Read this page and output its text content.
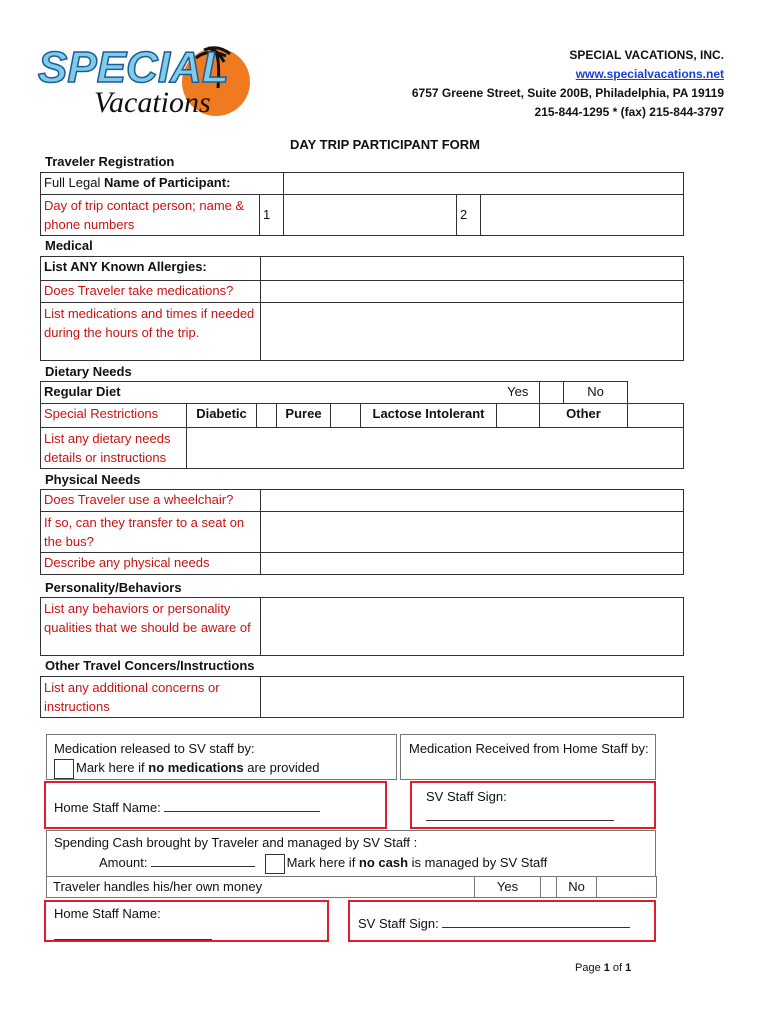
SPECIAL
Vacations
SPECIAL VACATIONS, INC.
www.specialvacations.net
6757 Greene Street, Suite 200B, Philadelphia, PA 19119
215-844-1295 * (fax) 215-844-3797
DAY TRIP PARTICIPANT FORM
Traveler Registration
Full Legal Name of Participant:				
Day of trip contact person; name & phone numbers	1		2	
Medical
List ANY Known Allergies:	
Does Traveler take medications?	
List medications and times if needed during the hours of the trip.	
Dietary Needs
Regular Diet						Yes		No	
Special Restrictions	Diabetic		Puree		Lactose Intolerant		Other		
List any dietary needs details or instructions									
Physical Needs
Does Traveler use a wheelchair?	
If so, can they transfer to a seat on the bus?	
Describe any physical needs	
Personality/Behaviors
List any behaviors or personality qualities that we should be aware of	
Other Travel Concers/Instructions
List any additional concerns or instructions	
Medication released to SV staff by:
Mark here if no medications are provided
Medication Received from Home Staff by:
Home Staff Name:
SV Staff Sign:
Spending Cash brought by Traveler and managed by SV Staff :
Amount:	Mark here if no cash is managed by SV Staff
Traveler handles his/her own money	Yes		No	
Home Staff Name:
SV Staff Sign:
Page 1 of 1
